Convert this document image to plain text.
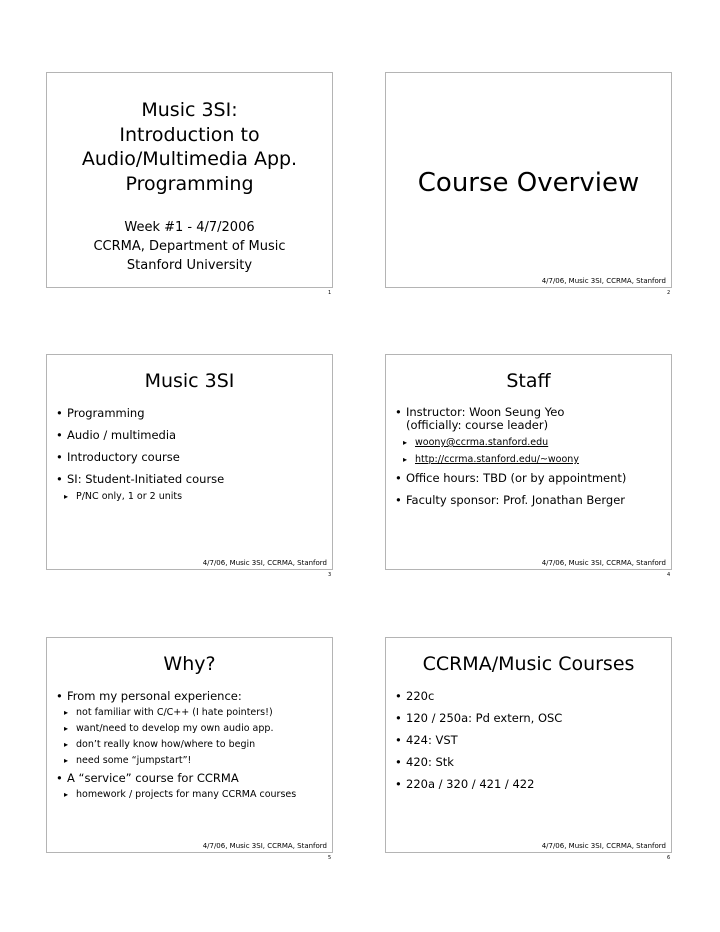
Music 3SI:
Introduction to
Audio/Multimedia App.
Programming
Week #1 - 4/7/2006
CCRMA, Department of Music
Stanford University
1
Course Overview
4/7/06, Music 3SI, CCRMA, Stanford
2
Music 3SI
• Programming
• Audio / multimedia
• Introductory course
• SI: Student-Initiated course
▸ P/NC only, 1 or 2 units
4/7/06, Music 3SI, CCRMA, Stanford
3
Staff
• Instructor: Woon Seung Yeo
(officially: course leader)
▸ woony@ccrma.stanford.edu
▸ http://ccrma.stanford.edu/~woony
• Office hours: TBD (or by appointment)
• Faculty sponsor: Prof. Jonathan Berger
4/7/06, Music 3SI, CCRMA, Stanford
4
Why?
• From my personal experience:
▸ not familiar with C/C++ (I hate pointers!)
▸ want/need to develop my own audio app.
▸ don’t really know how/where to begin
▸ need some “jumpstart”!
• A “service” course for CCRMA
▸ homework / projects for many CCRMA courses
4/7/06, Music 3SI, CCRMA, Stanford
5
CCRMA/Music Courses
• 220c
• 120 / 250a: Pd extern, OSC
• 424: VST
• 420: Stk
• 220a / 320 / 421 / 422
4/7/06, Music 3SI, CCRMA, Stanford
6
